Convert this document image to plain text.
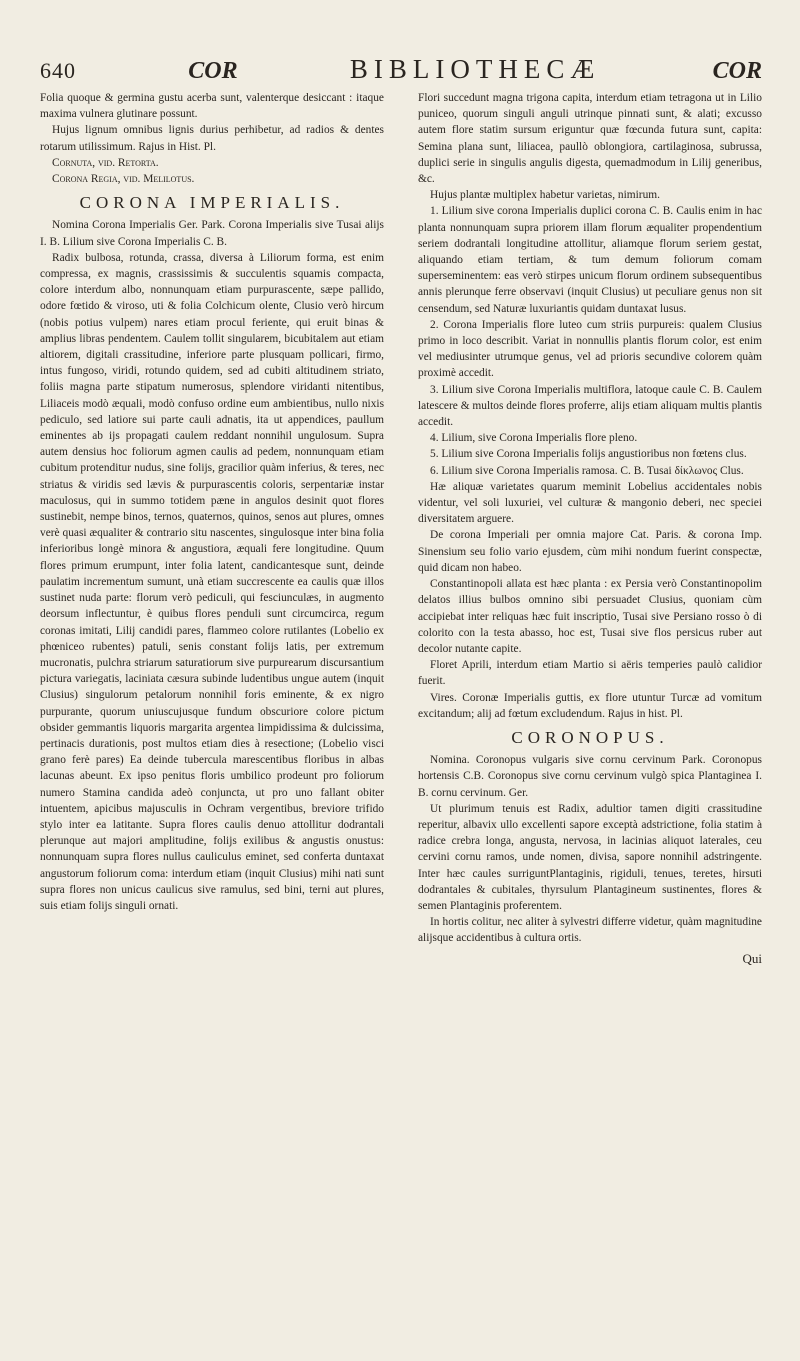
640	COR	BIBLIOTHECÆ	COR

Folia quoque & germina gustu acerba sunt, valenterque desiccant : itaque maxima vulnera glutinare possunt.

Hujus lignum omnibus lignis durius perhibetur, ad radios & dentes rotarum utilissimum. Rajus in Hist. Pl.

Cornuta, vid. Retorta.

Corona Regia, vid. Melilotus.

CORONA IMPERIALIS.

Nomina Corona Imperialis Ger. Park. Corona Imperialis sive Tusai alijs I. B. Lilium sive Corona Imperialis C. B.

Radix bulbosa, rotunda, crassa, diversa à Liliorum forma, est enim compressa, ex magnis, crassissimis & succulentis squamis compacta, colore interdum albo, nonnunquam etiam purpurascente, sæpe pallido, odore fœtido & viroso, uti & folia Colchicum olente, Clusio verò hircum (nobis potius vulpem) nares etiam procul feriente, qui eruit binas & amplius libras pendentem. Caulem tollit singularem, bicubitalem aut etiam altiorem, digitali crassitudine, inferiore parte plusquam pollicari, firmo, intus fungoso, viridi, rotundo quidem, sed ad cubiti altitudinem striato, foliis magna parte stipatum numerosus, splendore viridanti nitentibus, Liliaceis modò æquali, modò confuso ordine eum ambientibus, nullo nixis pediculo, sed latiore sui parte cauli adnatis, ita ut appendices, paullum eminentes ab ijs propagati caulem reddant nonnihil ungulosum. Supra autem densius hoc foliorum agmen caulis ad pedem, nonnunquam etiam cubitum protenditur nudus, sine folijs, gracilior quàm inferius, & teres, nec striatus & viridis sed lævis & purpurascentis coloris, serpentariæ instar maculosus, qui in summo totidem pæne in angulos desinit quot flores sustinebit, nempe binos, ternos, quaternos, quinos, senos aut plures, omnes verè quasi æqualiter & contrario situ nascentes, singulosque inter bina folia inferioribus longè minora & angustiora, æquali fere longitudine. Quum flores primum erumpunt, inter folia latent, candicantesque sunt, deinde paulatim incrementum sumunt, unà etiam succrescente ea caulis quæ illos sustinet nuda parte: florum verò pediculi, qui fesciunculæs, in augmento deorsum inflectuntur, è quibus flores penduli sunt circumcirca, regum coronas imitati, Lilij candidi pares, flammeo colore rutilantes (Lobelio ex phœniceo rubentes) patuli, senis constant folijs latis, per extremum mucronatis, pulchra striarum saturatiorum sive purpurearum discursantium pictura variegatis, laciniata cæsura subinde ludentibus ungue autem (inquit Clusius) singulorum petalorum nonnihil foris eminente, & ex nigro purpurante, quorum uniuscujusque fundum obscuriore colore pictum obsider gemmantis liquoris margarita argentea limpidissima & dulcissima, pertinacis durationis, post multos etiam dies à resectione; (Lobelio visci grano ferè pares) Ea deinde tubercula marescentibus floribus in albas lacunas abeunt. Ex ipso penitus floris umbilico prodeunt pro foliorum numero Stamina candida adeò conjuncta, ut pro uno fallant obiter intuentem, apicibus majusculis in Ochram vergentibus, breviore trifido stylo inter ea latitante. Supra flores caulis denuo attollitur dodrantali plerunque aut majori amplitudine, folijs exilibus & angustis onustus: nonnunquam supra flores nullus cauliculus eminet, sed conferta duntaxat angustorum foliorum coma: interdum etiam (inquit Clusius) mihi nati sunt supra flores non unicus caulicus sive ramulus, sed bini, terni aut plures, suis etiam folijs singuli ornati.

Flori succedunt magna trigona capita, interdum etiam tetragona ut in Lilio puniceo, quorum singuli anguli utrinque pinnati sunt, & alati; excusso autem flore statim sursum eriguntur quæ fœcunda futura sunt, capita: Semina plana sunt, liliacea, paullò oblongiora, cartilaginosa, subrussa, duplici serie in singulis angulis digesta, quemadmodum in Lilij generibus, &c.

Hujus plantæ multiplex habetur varietas, nimirum.

1. Lilium sive corona Imperialis duplici corona C. B. Caulis enim in hac planta nonnunquam supra priorem illam florum æqualiter propendentium seriem dodrantali longitudine attollitur, aliamque florum seriem gestat, aliquando etiam tertiam, & tum demum foliorum comam superseminentem: eas verò stirpes unicum florum ordinem subsequentibus annis plerunque ferre observavi (inquit Clusius) ut peculiare genus non sit censendum, sed Naturæ luxuriantis quidam duntaxat lusus.

2. Corona Imperialis flore luteo cum striis purpureis: qualem Clusius primo in loco describit. Variat in nonnullis plantis florum color, est enim vel mediusinter utrumque genus, vel ad prioris secundive colorem quàm proximè accedit.

3. Lilium sive Corona Imperialis multiflora, latoque caule C. B. Caulem latescere & multos deinde flores proferre, alijs etiam aliquam multis plantis accedit.

4. Lilium, sive Corona Imperialis flore pleno.

5. Lilium sive Corona Imperialis folijs angustioribus non fœtens clus.

6. Lilium sive Corona Imperialis ramosa. C. B. Tusai δίκλωνος Clus.

Hæ aliquæ varietates quarum meminit Lobelius accidentales nobis videntur, vel soli luxuriei, vel culturæ & mangonio deberi, nec speciei diversitatem arguere.

De corona Imperiali per omnia majore Cat. Paris. & corona Imp. Sinensium seu folio vario ejusdem, cùm mihi nondum fuerint conspectæ, quid dicam non habeo.

Constantinopoli allata est hæc planta : ex Persia verò Constantinopolim delatos illius bulbos omnino sibi persuadet Clusius, quoniam cùm accipiebat inter reliquas hæc fuit inscriptio, Tusai sive Persiano rosso ò di colorito con la testa abasso, hoc est, Tusai sive flos persicus ruber aut decolor nutante capite.

Floret Aprili, interdum etiam Martio si aëris temperies paulò calidior fuerit.

Vires. Coronæ Imperialis guttis, ex flore utuntur Turcæ ad vomitum excitandum; alij ad fœtum excludendum. Rajus in hist. Pl.

CORONOPUS.

Nomina. Coronopus vulgaris sive cornu cervinum Park. Coronopus hortensis C.B. Coronopus sive cornu cervinum vulgò spica Plantaginea I. B. cornu cervinum. Ger.

Ut plurimum tenuis est Radix, adultior tamen digiti crassitudine reperitur, albavix ullo excellenti sapore exceptà adstrictione, folia statim à radice crebra longa, angusta, nervosa, in lacinias aliquot laterales, ceu cervini cornu ramos, unde nomen, divisa, sapore nonnihil adstringente. Inter hæc caules surriguntPlantaginis, rigiduli, tenues, teretes, hirsuti dodrantales & cubitales, thyrsulum Plantagineum sustinentes, flores & semen Plantaginis proferentem.

In hortis colitur, nec aliter à sylvestri differre videtur, quàm magnitudine alijsque accidentibus à cultura ortis.

Qui
